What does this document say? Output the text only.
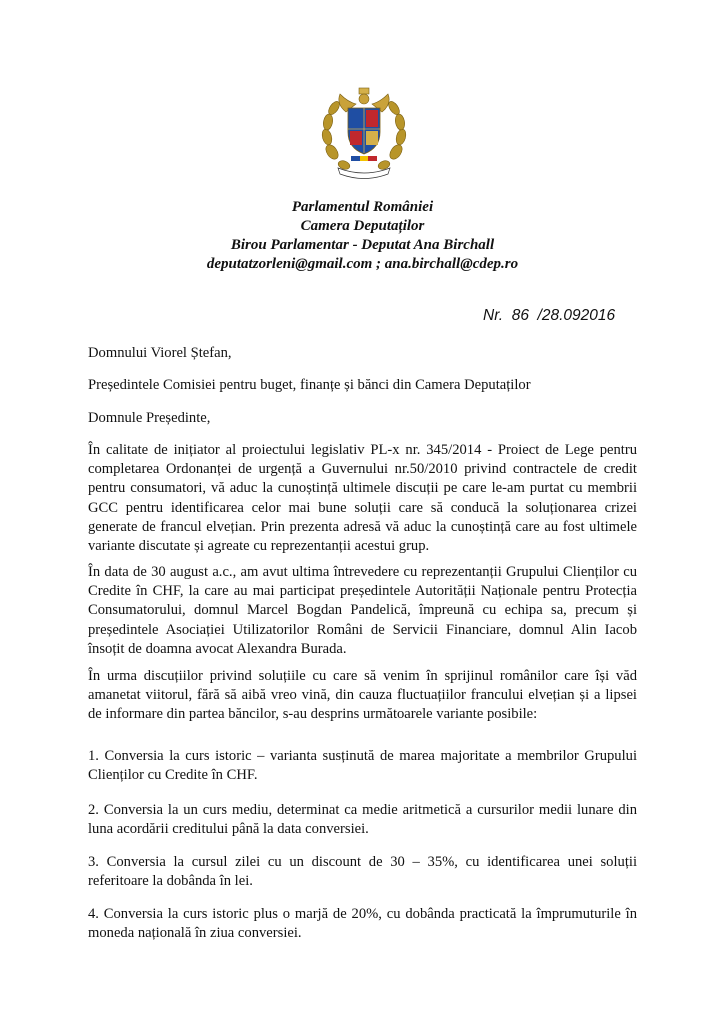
Parlamentul României
Camera Deputaților
Birou Parlamentar - Deputat Ana Birchall
deputatzorleni@gmail.com ; ana.birchall@cdep.ro
Nr.  86  /28.092016

Domnului Viorel Ștefan,

Președintele Comisiei pentru buget, finanțe și bănci din Camera Deputaților

Domnule Președinte,

În calitate de inițiator al proiectului legislativ PL-x nr. 345/2014 - Proiect de Lege pentru completarea Ordonanței de urgență a Guvernului nr.50/2010 privind contractele de credit pentru consumatori, vă aduc la cunoștință ultimele discuții pe care le-am purtat cu membrii GCC pentru identificarea celor mai bune soluții care să conducă la soluționarea crizei generate de francul elvețian. Prin prezenta adresă vă aduc la cunoștință care au fost ultimele variante discutate și agreate cu reprezentanții acestui grup.

În data de 30 august a.c., am avut ultima întrevedere cu reprezentanții Grupului Clienților cu Credite în CHF, la care au mai participat președintele Autorității Naționale pentru Protecția Consumatorului, domnul Marcel Bogdan Pandelică, împreună cu echipa sa, precum și președintele Asociației Utilizatorilor Români de Servicii Financiare, domnul Alin Iacob însoțit de doamna avocat Alexandra Burada.

În urma discuțiilor privind soluțiile cu care să venim în sprijinul românilor care își văd amanetat viitorul, fără să aibă vreo vină, din cauza fluctuațiilor francului elvețian și a lipsei de informare din partea băncilor, s-au desprins următoarele variante posibile:

1. Conversia la curs istoric – varianta susținută de marea majoritate a membrilor Grupului Clienților cu Credite în CHF.

2. Conversia la un curs mediu, determinat ca medie aritmetică a cursurilor medii lunare din luna acordării creditului până la data conversiei.

3. Conversia la cursul zilei cu un discount de 30 – 35%, cu identificarea unei soluții referitoare la dobânda în lei.

4. Conversia la curs istoric plus o marjă de 20%, cu dobânda practicată la împrumuturile în moneda națională în ziua conversiei.
